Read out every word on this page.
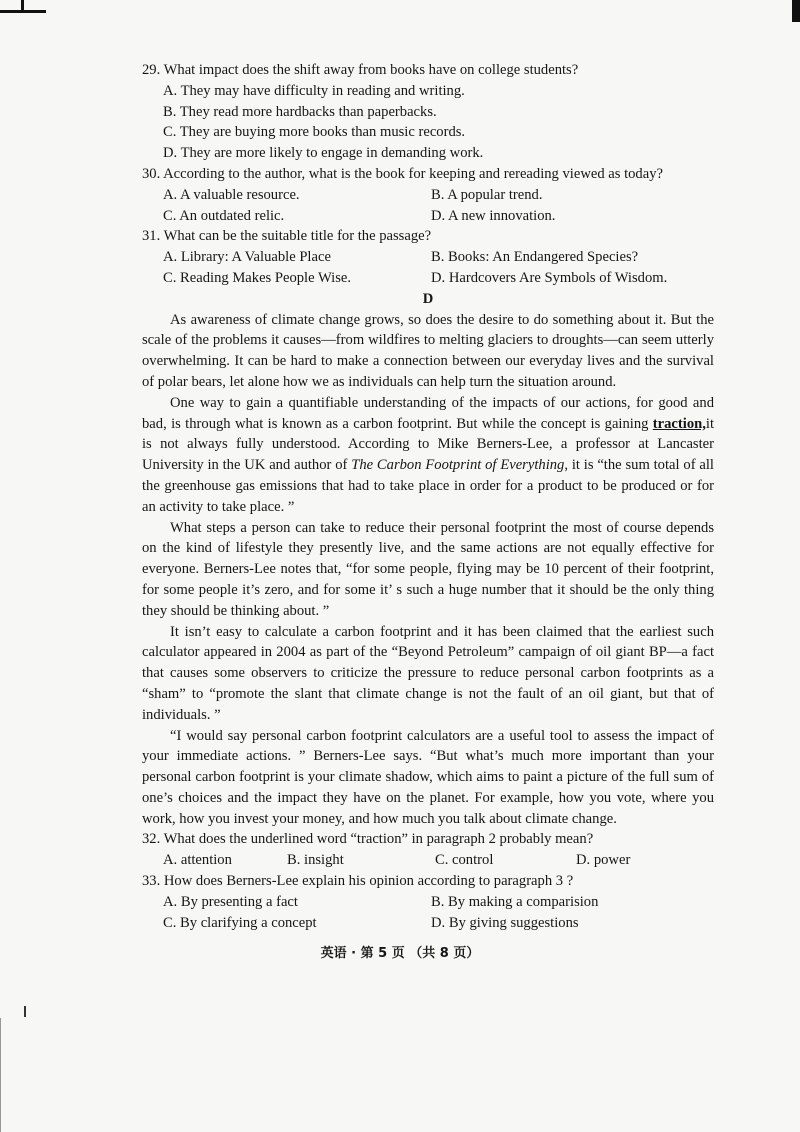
29. What impact does the shift away from books have on college students?
A. They may have difficulty in reading and writing.
B. They read more hardbacks than paperbacks.
C. They are buying more books than music records.
D. They are more likely to engage in demanding work.
30. According to the author, what is the book for keeping and rereading viewed as today?
A. A valuable resource.	B. A popular trend.
C. An outdated relic.	D. A new innovation.
31. What can be the suitable title for the passage?
A. Library: A Valuable Place	B. Books: An Endangered Species?
C. Reading Makes People Wise.	D. Hardcovers Are Symbols of Wisdom.
D

As awareness of climate change grows, so does the desire to do something about it. But the scale of the problems it causes—from wildfires to melting glaciers to droughts—can seem utterly overwhelming. It can be hard to make a connection between our everyday lives and the survival of polar bears, let alone how we as individuals can help turn the situation around.

One way to gain a quantifiable understanding of the impacts of our actions, for good and bad, is through what is known as a carbon footprint. But while the concept is gaining traction,it is not always fully understood. According to Mike Berners-Lee, a professor at Lancaster University in the UK and author of The Carbon Footprint of Everything, it is “the sum total of all the greenhouse gas emissions that had to take place in order for a product to be produced or for an activity to take place. ”

What steps a person can take to reduce their personal footprint the most of course depends on the kind of lifestyle they presently live, and the same actions are not equally effective for everyone. Berners-Lee notes that, “for some people, flying may be 10 percent of their footprint, for some people it’s zero, and for some it’ s such a huge number that it should be the only thing they should be thinking about. ”

It isn’t easy to calculate a carbon footprint and it has been claimed that the earliest such calculator appeared in 2004 as part of the “Beyond Petroleum” campaign of oil giant BP—a fact that causes some observers to criticize the pressure to reduce personal carbon footprints as a “sham” to “promote the slant that climate change is not the fault of an oil giant, but that of individuals. ”

“I would say personal carbon footprint calculators are a useful tool to assess the impact of your immediate actions. ” Berners-Lee says. “But what’s much more important than your personal carbon footprint is your climate shadow, which aims to paint a picture of the full sum of one’s choices and the impact they have on the planet. For example, how you vote, where you work, how you invest your money, and how much you talk about climate change.

32. What does the underlined word “traction” in paragraph 2 probably mean?
A. attention	B. insight	C. control	D. power
33. How does Berners-Lee explain his opinion according to paragraph 3 ?
A. By presenting a fact	B. By making a comparision
C. By clarifying a concept	D. By giving suggestions
英语 · 第 5 页 （共 8 页）
